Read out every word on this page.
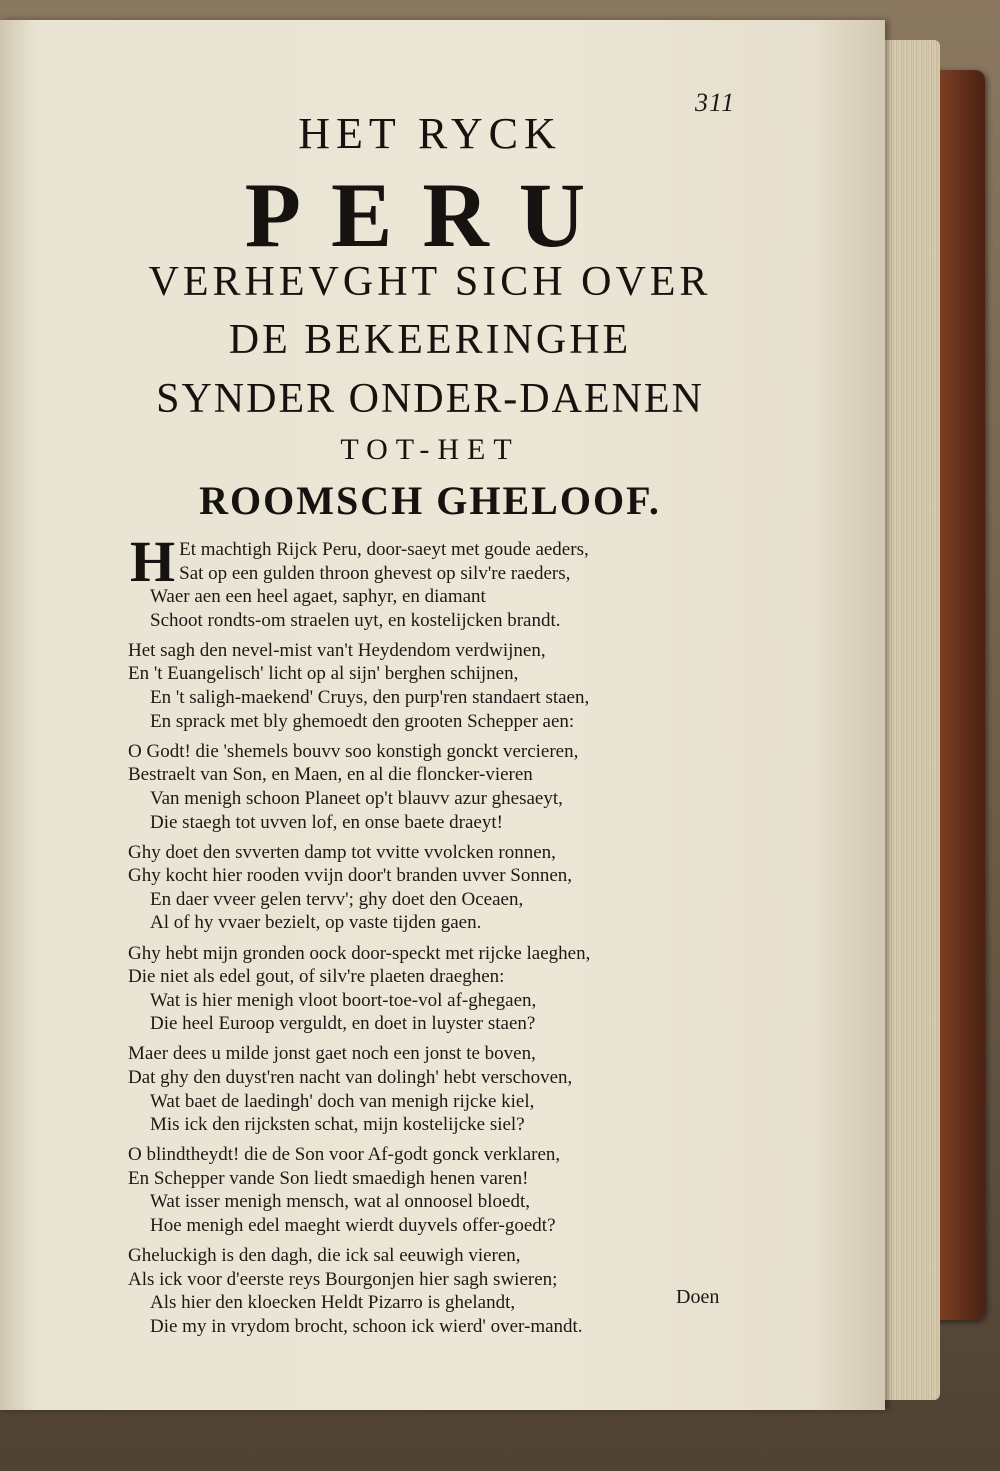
311
HET RYCK
PERU
VERHEVGHT SICH OVER
DE BEKEERINGHE
SYNDER ONDER-DAENEN
TOT-HET
ROOMSCH GHELOOF.
H Et machtigh Rijck Peru, door-saeyt met goude aeders,
Sat op een gulden throon ghevest op silv're raeders,
Waer aen een heel agaet, saphyr, en diamant
Schoot rondts-om straelen uyt, en kostelijcken brandt.
Het sagh den nevel-mist van't Heydendom verdwijnen,
En 't Euangelisch' licht op al sijn' berghen schijnen,
En 't saligh-maekend' Cruys, den purp'ren standaert staen,
En sprack met bly ghemoedt den grooten Schepper aen:
O Godt! die 'shemels bouvv soo konstigh gonckt vercieren,
Bestraelt van Son, en Maen, en al die floncker-vieren
Van menigh schoon Planeet op't blauvv azur ghesaeyt,
Die staegh tot uvven lof, en onse baete draeyt!
Ghy doet den svverten damp tot vvitte vvolcken ronnen,
Ghy kocht hier rooden vvijn door't branden uvver Sonnen,
En daer vveer gelen tervv'; ghy doet den Oceaen,
Al of hy vvaer bezielt, op vaste tijden gaen.
Ghy hebt mijn gronden oock door-speckt met rijcke laeghen,
Die niet als edel gout, of silv're plaeten draeghen:
Wat is hier menigh vloot boort-toe-vol af-ghegaen,
Die heel Euroop verguldt, en doet in luyster staen?
Maer dees u milde jonst gaet noch een jonst te boven,
Dat ghy den duyst'ren nacht van dolingh' hebt verschoven,
Wat baet de laedingh' doch van menigh rijcke kiel,
Mis ick den rijcksten schat, mijn kostelijcke siel?
O blindtheydt! die de Son voor Af-godt gonck verklaren,
En Schepper vande Son liedt smaedigh henen varen!
Wat isser menigh mensch, wat al onnoosel bloedt,
Hoe menigh edel maeght wierdt duyvels offer-goedt?
Gheluckigh is den dagh, die ick sal eeuwigh vieren,
Als ick voor d'eerste reys Bourgonjen hier sagh swieren;
Als hier den kloecken Heldt Pizarro is ghelandt,
Die my in vrydom brocht, schoon ick wierd' over-mandt.
Doen
